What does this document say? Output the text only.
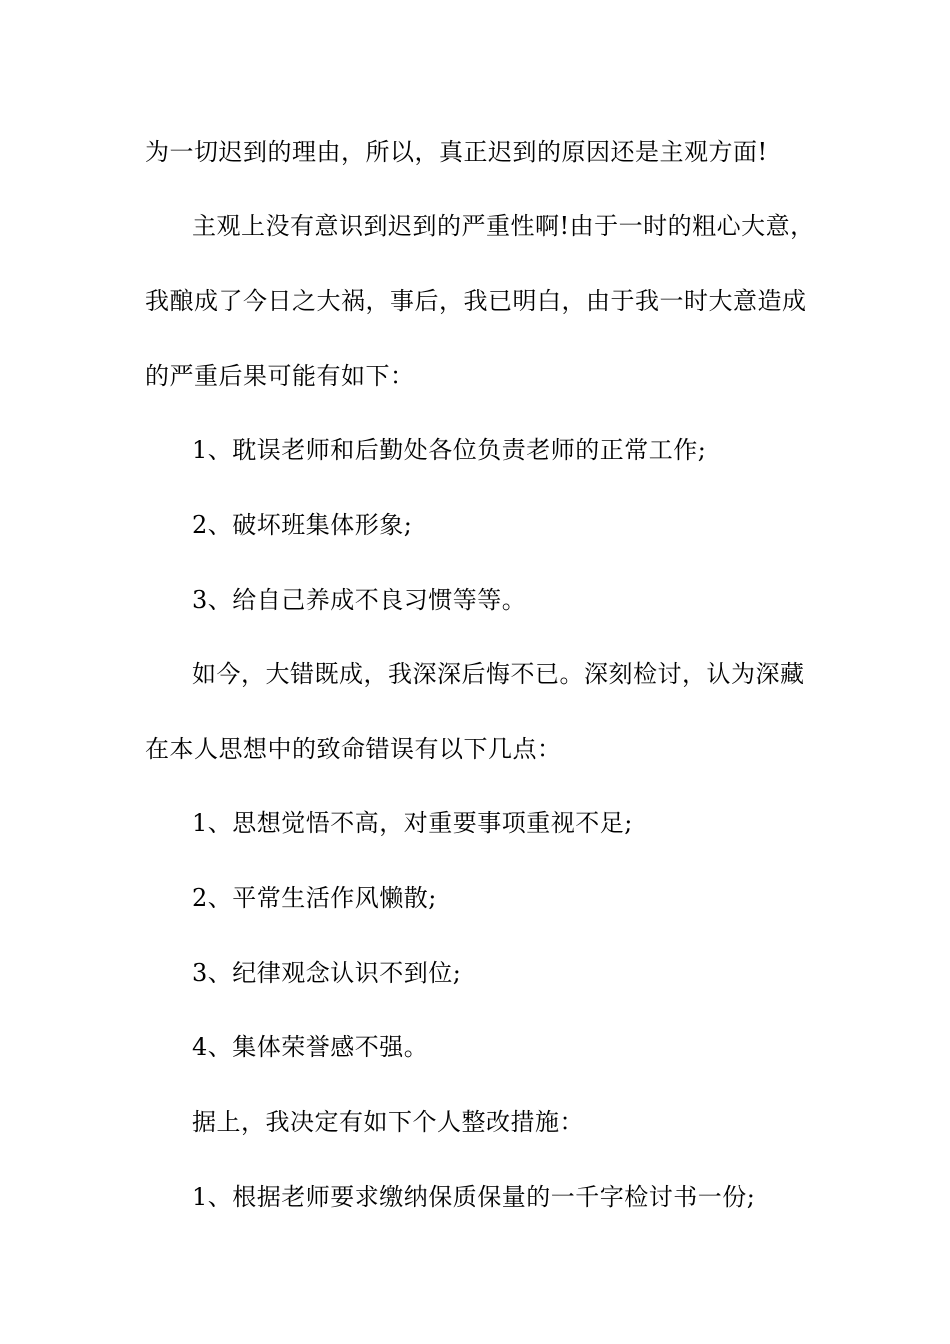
为一切迟到的理由，所以，真正迟到的原因还是主观方面!
主观上没有意识到迟到的严重性啊!由于一时的粗心大意，
我酿成了今日之大祸，事后，我已明白，由于我一时大意造成
的严重后果可能有如下：
1、耽误老师和后勤处各位负责老师的正常工作;
2、破坏班集体形象;
3、给自己养成不良习惯等等。
如今，大错既成，我深深后悔不已。深刻检讨，认为深藏
在本人思想中的致命错误有以下几点：
1、思想觉悟不高，对重要事项重视不足;
2、平常生活作风懒散;
3、纪律观念认识不到位;
4、集体荣誉感不强。
据上，我决定有如下个人整改措施：
1、根据老师要求缴纳保质保量的一千字检讨书一份;
